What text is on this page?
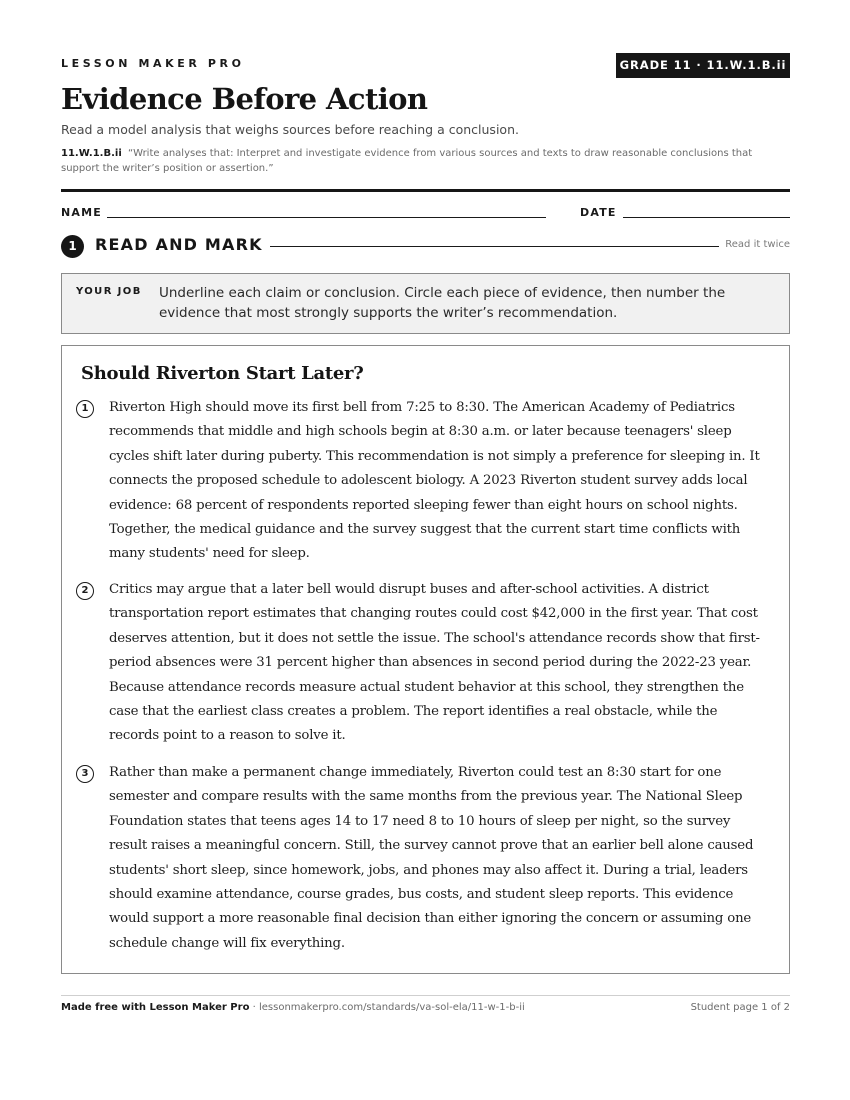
LESSON MAKER PRO	GRADE 11 · 11.W.1.B.ii
Evidence Before Action
Read a model analysis that weighs sources before reaching a conclusion.
11.W.1.B.ii “Write analyses that: Interpret and investigate evidence from various sources and texts to draw reasonable conclusions that support the writer’s position or assertion.”
NAME	DATE
1	READ AND MARK	Read it twice
YOUR JOB Underline each claim or conclusion. Circle each piece of evidence, then number the evidence that most strongly supports the writer’s recommendation.
Should Riverton Start Later?
1	Riverton High should move its first bell from 7:25 to 8:30. The American Academy of Pediatrics recommends that middle and high schools begin at 8:30 a.m. or later because teenagers' sleep cycles shift later during puberty. This recommendation is not simply a preference for sleeping in. It connects the proposed schedule to adolescent biology. A 2023 Riverton student survey adds local evidence: 68 percent of respondents reported sleeping fewer than eight hours on school nights. Together, the medical guidance and the survey suggest that the current start time conflicts with many students' need for sleep.

2	Critics may argue that a later bell would disrupt buses and after-school activities. A district transportation report estimates that changing routes could cost $42,000 in the first year. That cost deserves attention, but it does not settle the issue. The school's attendance records show that first-period absences were 31 percent higher than absences in second period during the 2022-23 year. Because attendance records measure actual student behavior at this school, they strengthen the case that the earliest class creates a problem. The report identifies a real obstacle, while the records point to a reason to solve it.

3	Rather than make a permanent change immediately, Riverton could test an 8:30 start for one semester and compare results with the same months from the previous year. The National Sleep Foundation states that teens ages 14 to 17 need 8 to 10 hours of sleep per night, so the survey result raises a meaningful concern. Still, the survey cannot prove that an earlier bell alone caused students' short sleep, since homework, jobs, and phones may also affect it. During a trial, leaders should examine attendance, course grades, bus costs, and student sleep reports. This evidence would support a more reasonable final decision than either ignoring the concern or assuming one schedule change will fix everything.

Made free with Lesson Maker Pro · lessonmakerpro.com/standards/va-sol-ela/11-w-1-b-ii	Student page 1 of 2
